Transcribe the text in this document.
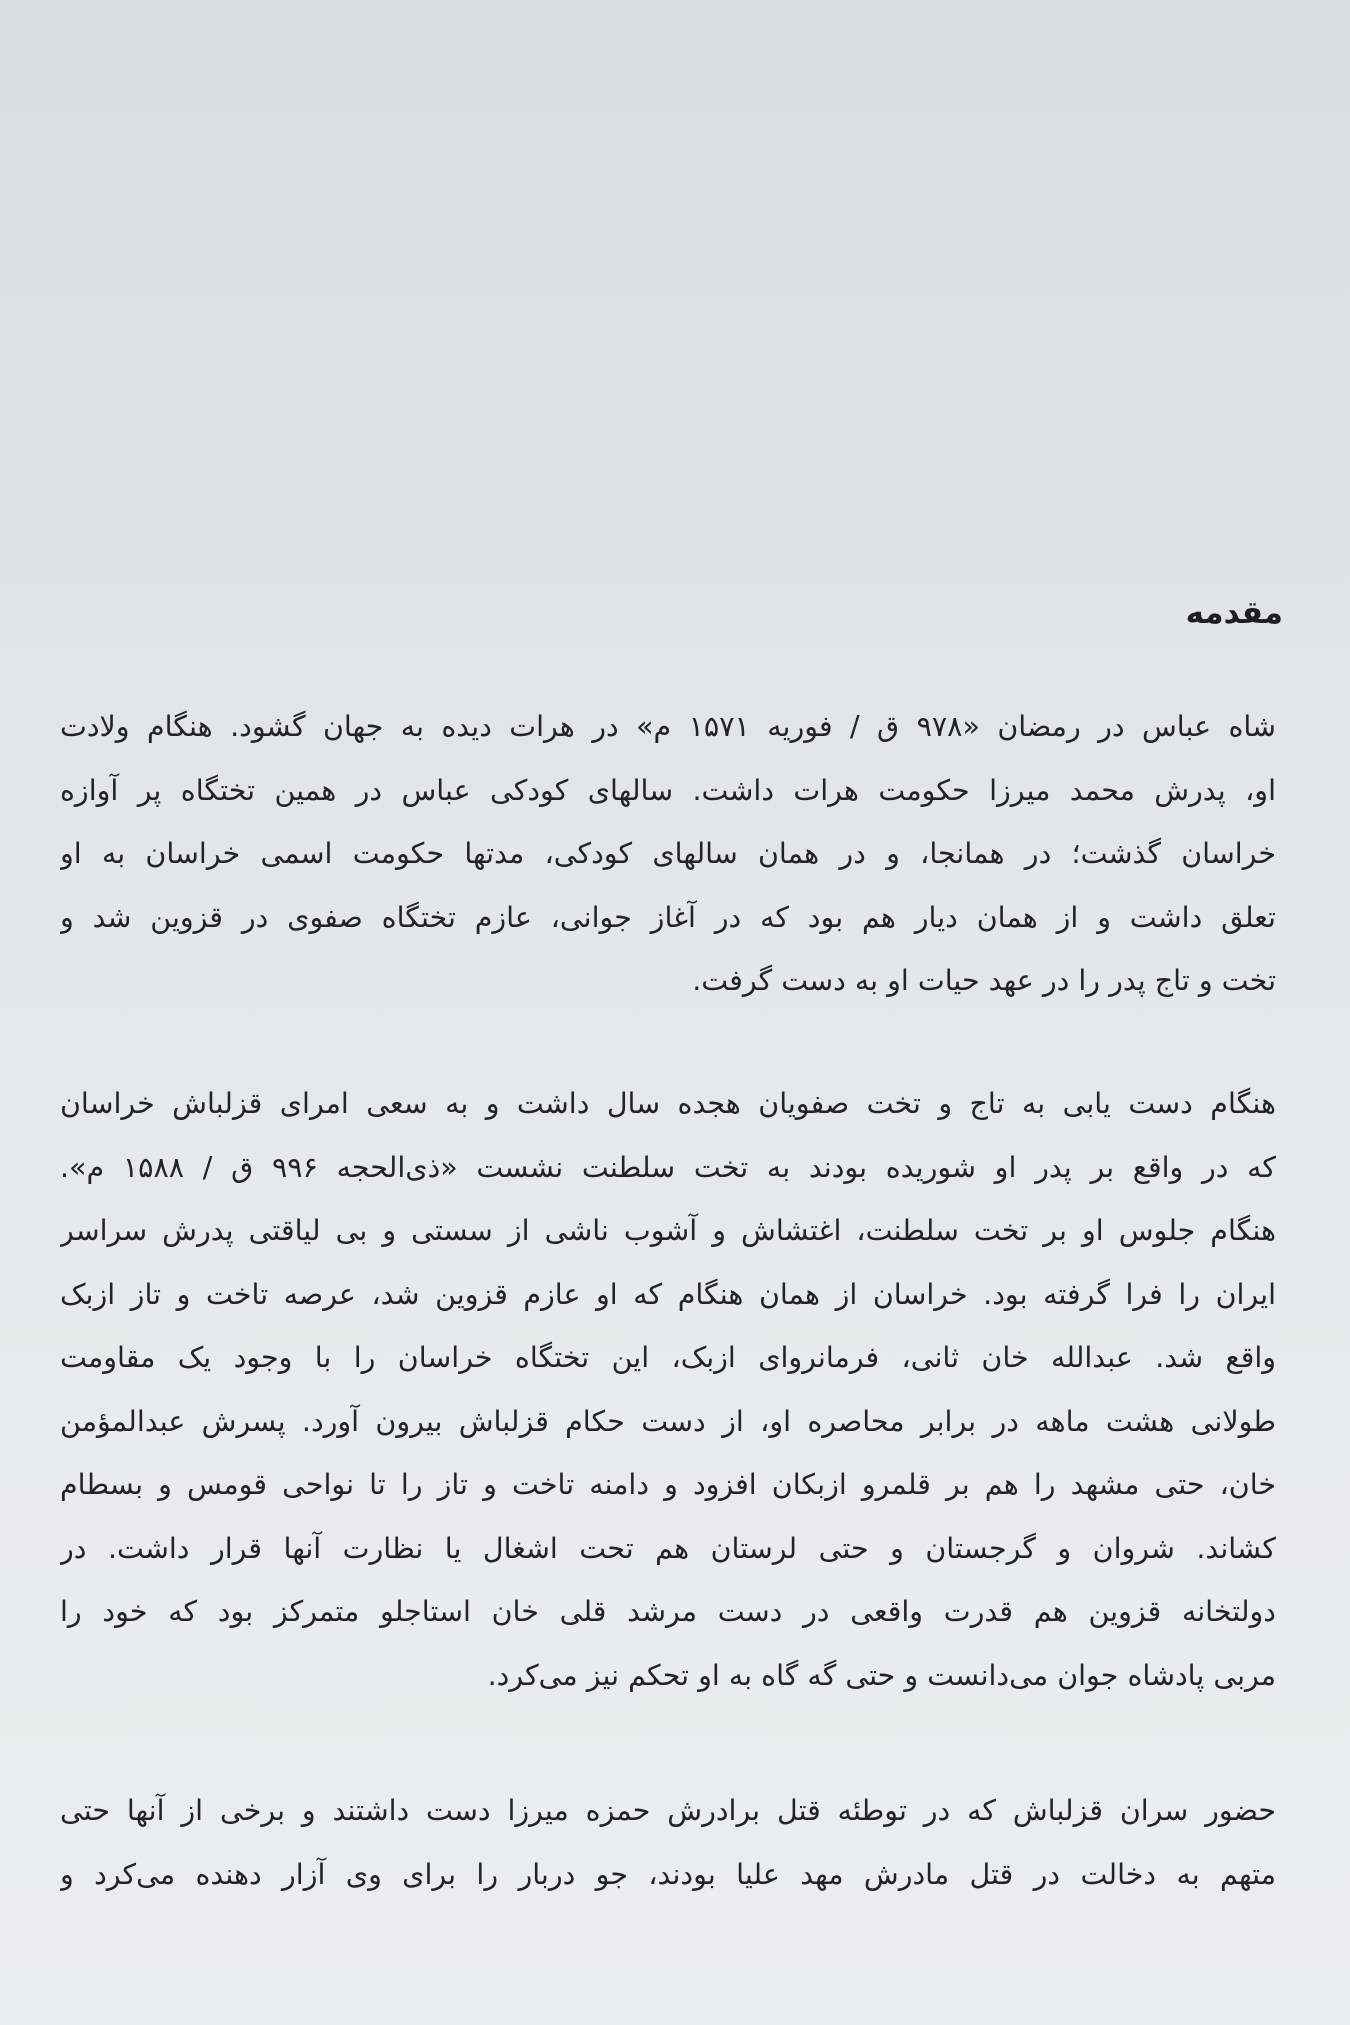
مقدمه
شاه عباس در رمضان «۹۷۸ ق / فوریه ۱۵۷۱ م» در هرات دیده به جهان گشود. هنگام ولادت
او، پدرش محمد میرزا حکومت هرات داشت. سالهای کودکی عباس در همین تختگاه پر آوازه
خراسان گذشت؛ در همانجا، و در همان سالهای کودکی، مدتها حکومت اسمی خراسان به او
تعلق داشت و از همان دیار هم بود که در آغاز جوانی، عازم تختگاه صفوی در قزوین شد و
تخت و تاج پدر را در عهد حیات او به دست گرفت.
هنگام دست یابی به تاج و تخت صفویان هجده سال داشت و به سعی امرای قزلباش خراسان
که در واقع بر پدر او شوریده بودند به تخت سلطنت نشست «ذی‌الحجه ۹۹۶ ق / ۱۵۸۸ م».
هنگام جلوس او بر تخت سلطنت، اغتشاش و آشوب ناشی از سستی و بی لیاقتی پدرش سراسر
ایران را فرا گرفته بود. خراسان از همان هنگام که او عازم قزوین شد، عرصه تاخت و تاز ازبک
واقع شد. عبدالله خان ثانی، فرمانروای ازبک، این تختگاه خراسان را با وجود یک مقاومت
طولانی هشت ماهه در برابر محاصره او، از دست حکام قزلباش بیرون آورد. پسرش عبدالمؤمن
خان، حتی مشهد را هم بر قلمرو ازبکان افزود و دامنه تاخت و تاز را تا نواحی قومس و بسطام
کشاند. شروان و گرجستان و حتی لرستان هم تحت اشغال یا نظارت آنها قرار داشت. در
دولتخانه قزوین هم قدرت واقعی در دست مرشد قلی خان استاجلو متمرکز بود که خود را
مربی پادشاه جوان می‌دانست و حتی گه گاه به او تحکم نیز می‌کرد.
حضور سران قزلباش که در توطئه قتل برادرش حمزه میرزا دست داشتند و برخی از آنها حتی
متهم به دخالت در قتل مادرش مهد علیا بودند، جو دربار را برای وی آزار دهنده می‌کرد و
